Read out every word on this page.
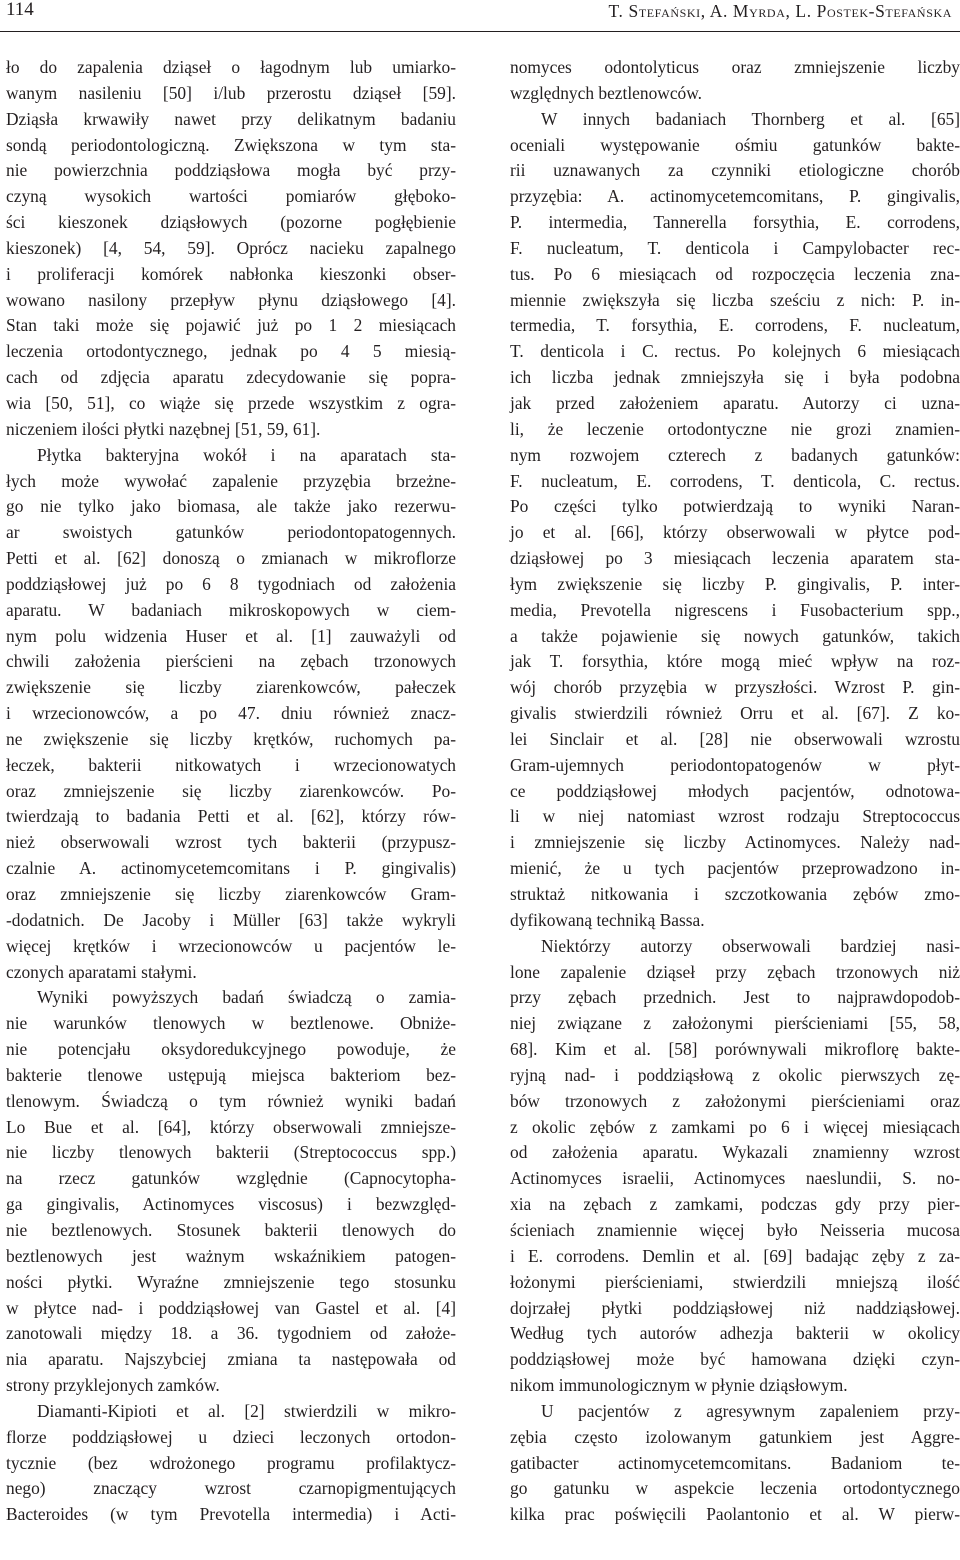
114	T. Stefański, A. Myrda, L. Postek-Stefańska
ło do zapalenia dziąseł o łagodnym lub umiarko-
wanym nasileniu [50] i/lub przerostu dziąseł [59].
Dziąsła krwawiły nawet przy delikatnym badaniu
sondą periodontologiczną. Zwiększona w tym sta-
nie powierzchnia poddziąsłowa mogła być przy-
czyną wysokich wartości pomiarów głęboko-
ści kieszonek dziąsłowych (pozorne pogłębienie
kieszonek) [4, 54, 59]. Oprócz nacieku zapalnego
i proliferacji komórek nabłonka kieszonki obser-
wowano nasilony przepływ płynu dziąsłowego [4].
Stan taki może się pojawić już po 1 2 miesiącach
leczenia ortodontycznego, jednak po 4 5 miesią-
cach od zdjęcia aparatu zdecydowanie się popra-
wia [50, 51], co wiąże się przede wszystkim z ogra-
niczeniem ilości płytki nazębnej [51, 59, 61].
Płytka bakteryjna wokół i na aparatach sta-
łych może wywołać zapalenie przyzębia brzeżne-
go nie tylko jako biomasa, ale także jako rezerwu-
ar swoistych gatunków periodontopatogennych.
Petti et al. [62] donoszą o zmianach w mikroflorze
poddziąsłowej już po 6 8 tygodniach od założenia
aparatu. W badaniach mikroskopowych w ciem-
nym polu widzenia Huser et al. [1] zauważyli od
chwili założenia pierścieni na zębach trzonowych
zwiększenie się liczby ziarenkowców, pałeczek
i wrzecionowców, a po 47. dniu również znacz-
ne zwiększenie się liczby krętków, ruchomych pa-
łeczek, bakterii nitkowatych i wrzecionowatych
oraz zmniejszenie się liczby ziarenkowców. Po-
twierdzają to badania Petti et al. [62], którzy rów-
nież obserwowali wzrost tych bakterii (przypusz-
czalnie A. actinomycetemcomitans i P. gingivalis)
oraz zmniejszenie się liczby ziarenkowców Gram-
-dodatnich. De Jacoby i Müller [63] także wykryli
więcej krętków i wrzecionowców u pacjentów le-
czonych aparatami stałymi.
Wyniki powyższych badań świadczą o zamia-
nie warunków tlenowych w beztlenowe. Obniże-
nie potencjału oksydoredukcyjnego powoduje, że
bakterie tlenowe ustępują miejsca bakteriom bez-
tlenowym. Świadczą o tym również wyniki badań
Lo Bue et al. [64], którzy obserwowali zmniejsze-
nie liczby tlenowych bakterii (Streptococcus spp.)
na rzecz gatunków względnie (Capnocytopha-
ga gingivalis, Actinomyces viscosus) i bezwzględ-
nie beztlenowych. Stosunek bakterii tlenowych do
beztlenowych jest ważnym wskaźnikiem patogen-
ności płytki. Wyraźne zmniejszenie tego stosunku
w płytce nad- i poddziąsłowej van Gastel et al. [4]
zanotowali między 18. a 36. tygodniem od założe-
nia aparatu. Najszybciej zmiana ta następowała od
strony przyklejonych zamków.
Diamanti-Kipioti et al. [2] stwierdzili w mikro-
florze poddziąsłowej u dzieci leczonych ortodon-
tycznie (bez wdrożonego programu profilaktycz-
nego) znaczący wzrost czarnopigmentujących
Bacteroides (w tym Prevotella intermedia) i Acti-
nomyces odontolyticus oraz zmniejszenie liczby
względnych beztlenowców.
W innych badaniach Thornberg et al. [65]
oceniali występowanie ośmiu gatunków bakte-
rii uznawanych za czynniki etiologiczne chorób
przyzębia: A. actinomycetemcomitans, P. gingivalis,
P. intermedia, Tannerella forsythia, E. corrodens,
F. nucleatum, T. denticola i Campylobacter rec-
tus. Po 6 miesiącach od rozpoczęcia leczenia zna-
miennie zwiększyła się liczba sześciu z nich: P. in-
termedia, T. forsythia, E. corrodens, F. nucleatum,
T. denticola i C. rectus. Po kolejnych 6 miesiącach
ich liczba jednak zmniejszyła się i była podobna
jak przed założeniem aparatu. Autorzy ci uzna-
li, że leczenie ortodontyczne nie grozi znamien-
nym rozwojem czterech z badanych gatunków:
F. nucleatum, E. corrodens, T. denticola, C. rectus.
Po części tylko potwierdzają to wyniki Naran-
jo et al. [66], którzy obserwowali w płytce pod-
dziąsłowej po 3 miesiącach leczenia aparatem sta-
łym zwiększenie się liczby P. gingivalis, P. inter-
media, Prevotella nigrescens i Fusobacterium spp.,
a także pojawienie się nowych gatunków, takich
jak T. forsythia, które mogą mieć wpływ na roz-
wój chorób przyzębia w przyszłości. Wzrost P. gin-
givalis stwierdzili również Orru et al. [67]. Z ko-
lei Sinclair et al. [28] nie obserwowali wzrostu
Gram-ujemnych periodontopatogenów w płyt-
ce poddziąsłowej młodych pacjentów, odnotowa-
li w niej natomiast wzrost rodzaju Streptococcus
i zmniejszenie się liczby Actinomyces. Należy nad-
mienić, że u tych pacjentów przeprowadzono in-
struktaż nitkowania i szczotkowania zębów zmo-
dyfikowaną techniką Bassa.
Niektórzy autorzy obserwowali bardziej nasi-
lone zapalenie dziąseł przy zębach trzonowych niż
przy zębach przednich. Jest to najprawdopodob-
niej związane z założonymi pierścieniami [55, 58,
68]. Kim et al. [58] porównywali mikroflorę bakte-
ryjną nad- i poddziąsłową z okolic pierwszych zę-
bów trzonowych z założonymi pierścieniami oraz
z okolic zębów z zamkami po 6 i więcej miesiącach
od założenia aparatu. Wykazali znamienny wzrost
Actinomyces israelii, Actinomyces naeslundii, S. no-
xia na zębach z zamkami, podczas gdy przy pier-
ścieniach znamiennie więcej było Neisseria mucosa
i E. corrodens. Demlin et al. [69] badając zęby z za-
łożonymi pierścieniami, stwierdzili mniejszą ilość
dojrzałej płytki poddziąsłowej niż naddziąsłowej.
Według tych autorów adhezja bakterii w okolicy
poddziąsłowej może być hamowana dzięki czyn-
nikom immunologicznym w płynie dziąsłowym.
U pacjentów z agresywnym zapaleniem przy-
zębia często izolowanym gatunkiem jest Aggre-
gatibacter actinomycetemcomitans. Badaniom te-
go gatunku w aspekcie leczenia ortodontycznego
kilka prac poświęcili Paolantonio et al. W pierw-
